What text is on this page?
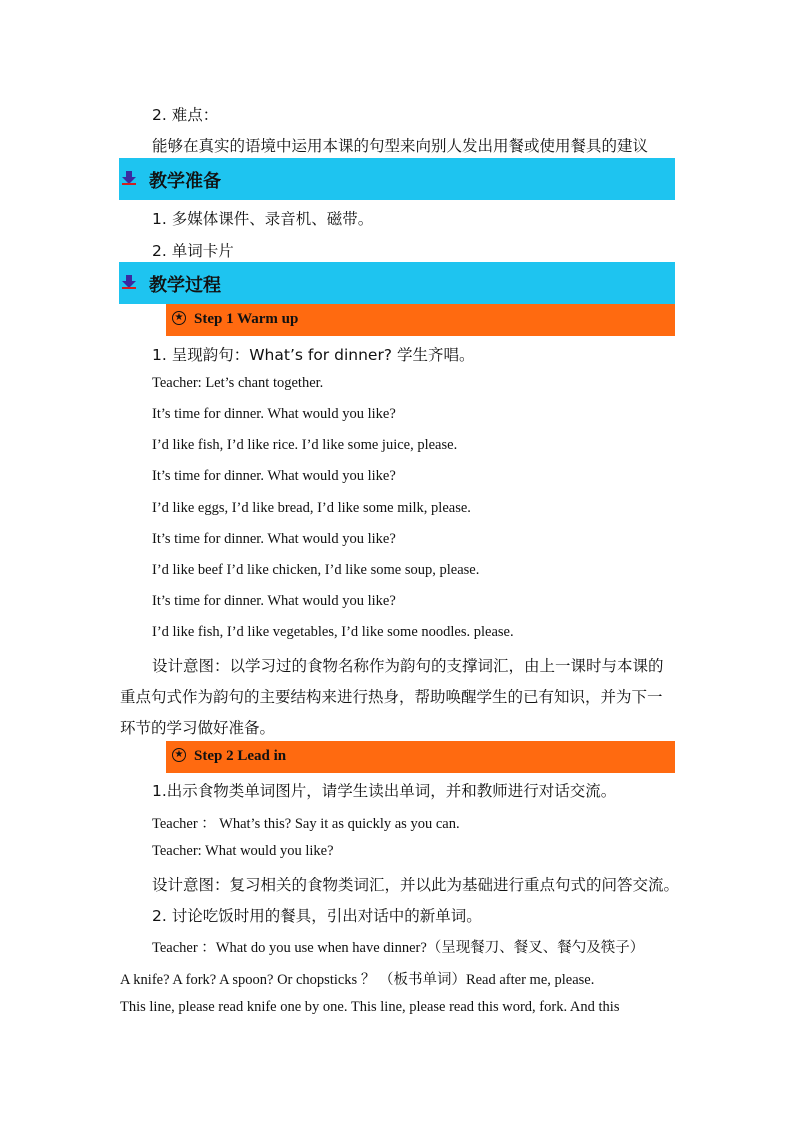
2. 难点：
能够在真实的语境中运用本课的句型来向别人发出用餐或使用餐具的建议
教学准备
1. 多媒体课件、录音机、磁带。
2. 单词卡片
教学过程
★ Step 1 Warm up
1. 呈现韵句：What’s for dinner? 学生齐唱。
Teacher: Let’s chant together.
It’s time for dinner. What would you like?
I’d like fish, I’d like rice. I’d like some juice, please.
It’s time for dinner. What would you like?
I’d like eggs, I’d like bread, I’d like some milk, please.
It’s time for dinner. What would you like?
I’d like beef I’d like chicken, I’d like some soup, please.
It’s time for dinner. What would you like?
I’d like fish, I’d like vegetables, I’d like some noodles. please.
设计意图：以学习过的食物名称作为韵句的支撑词汇，由上一课时与本课的
重点句式作为韵句的主要结构来进行热身，帮助唤醒学生的已有知识，并为下一
环节的学习做好准备。
★ Step 2 Lead in
1.出示食物类单词图片，请学生读出单词，并和教师进行对话交流。
Teacher ： What’s this? Say it as quickly as you can.
Teacher: What would you like?
设计意图：复习相关的食物类词汇，并以此为基础进行重点句式的问答交流。
2. 讨论吃饭时用的餐具，引出对话中的新单词。
Teacher ：What do you use when have dinner?（呈现餐刀、餐叉、餐勺及筷子）
A knife? A fork? A spoon? Or chopsticks ？ （板书单词）Read after me, please.
This line, please read knife one by one. This line, please read this word, fork. And this
